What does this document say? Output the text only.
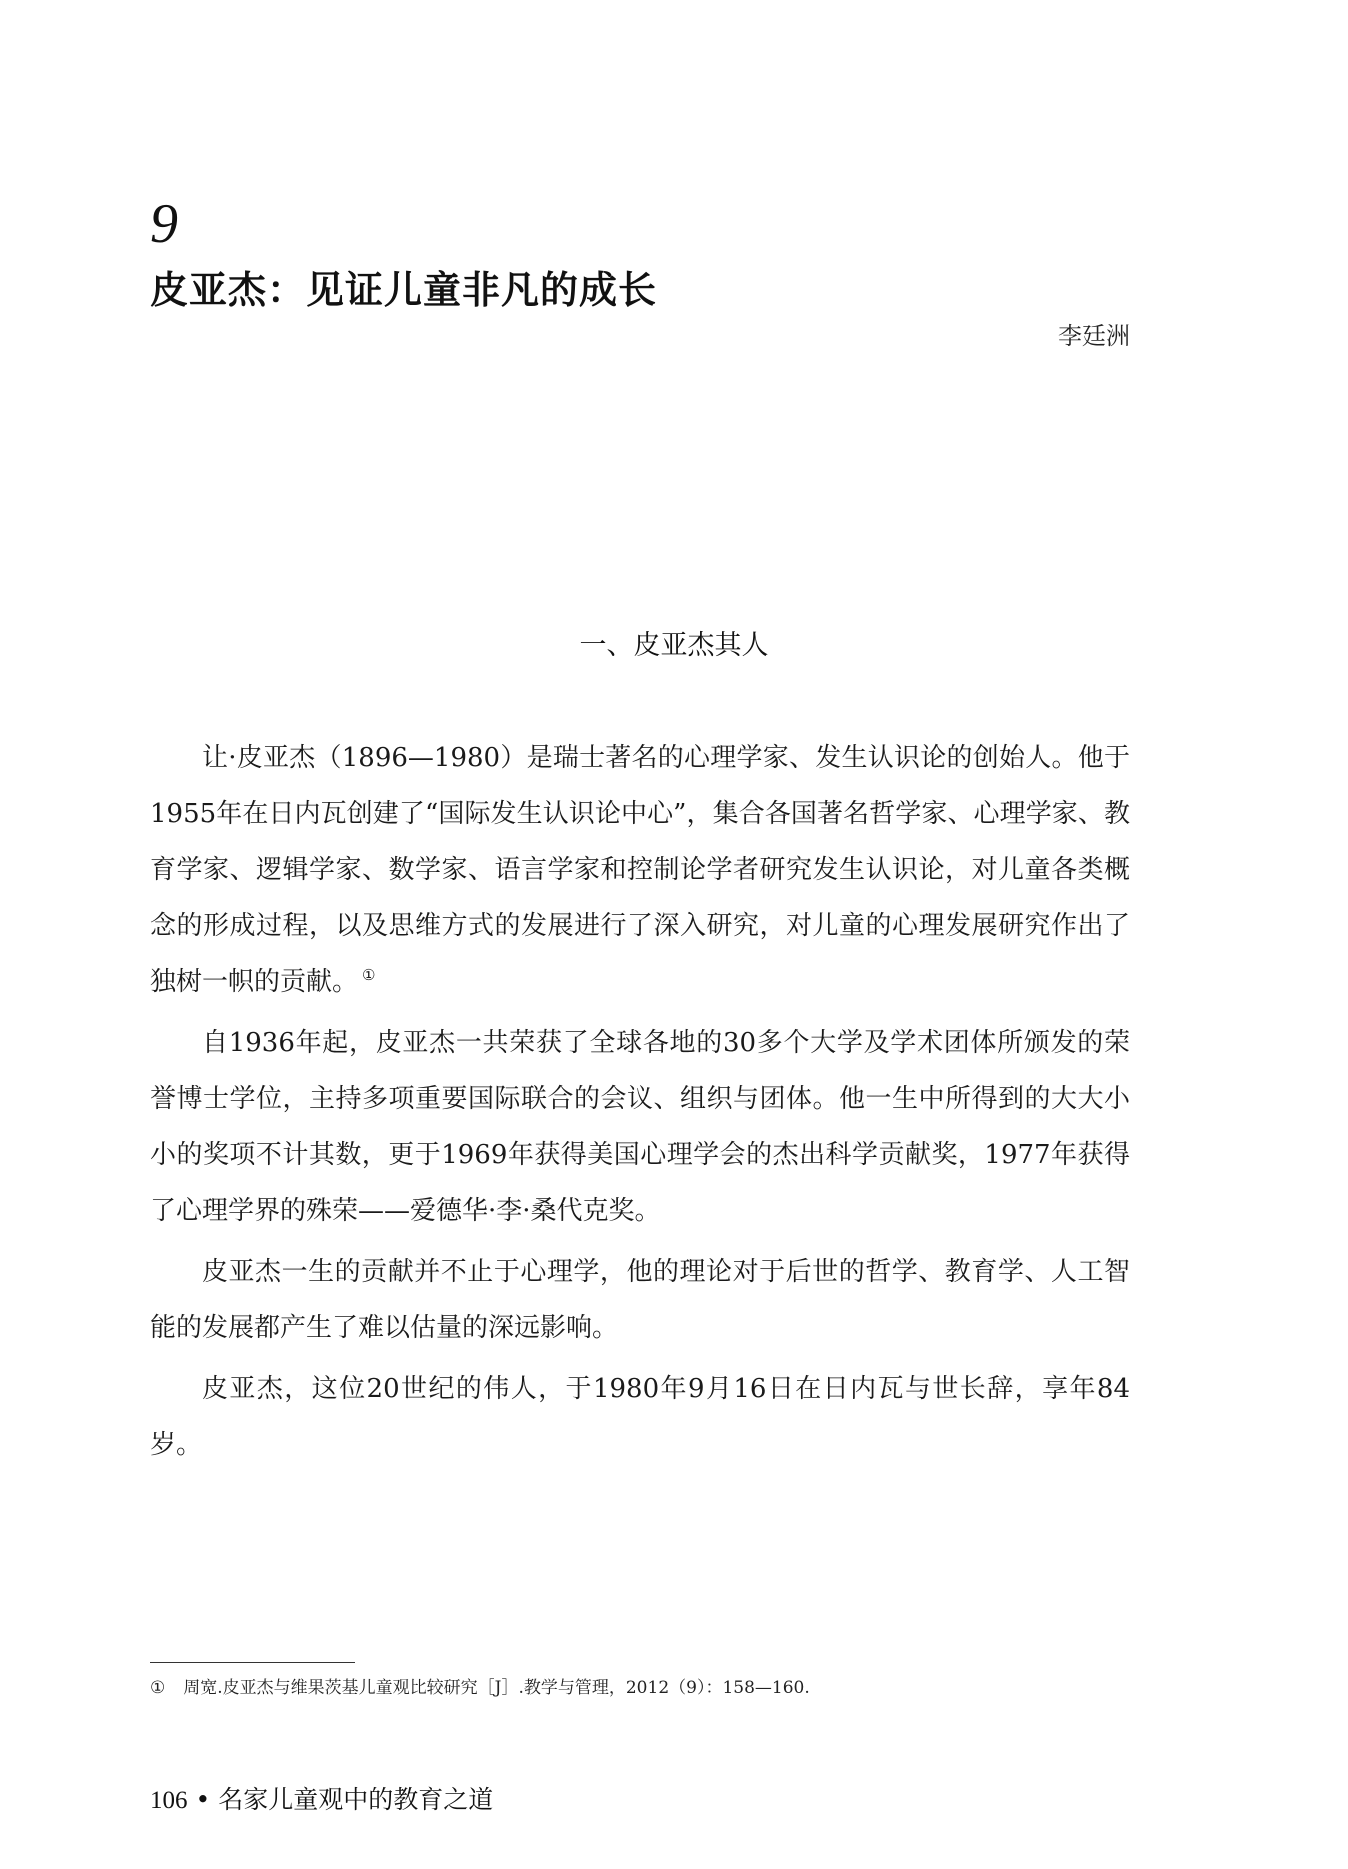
9
皮亚杰：见证儿童非凡的成长
李廷洲
一、皮亚杰其人

让·皮亚杰（1896—1980）是瑞士著名的心理学家、发生认识论的创始人。他于1955年在日内瓦创建了“国际发生认识论中心”，集合各国著名哲学家、心理学家、教育学家、逻辑学家、数学家、语言学家和控制论学者研究发生认识论，对儿童各类概念的形成过程，以及思维方式的发展进行了深入研究，对儿童的心理发展研究作出了独树一帜的贡献。 ①

自1936年起，皮亚杰一共荣获了全球各地的30多个大学及学术团体所颁发的荣誉博士学位，主持多项重要国际联合的会议、组织与团体。他一生中所得到的大大小小的奖项不计其数，更于1969年获得美国心理学会的杰出科学贡献奖，1977年获得了心理学界的殊荣——爱德华·李·桑代克奖。

皮亚杰一生的贡献并不止于心理学，他的理论对于后世的哲学、教育学、人工智能的发展都产生了难以估量的深远影响。

皮亚杰，这位20世纪的伟人，于1980年9月16日在日内瓦与世长辞，享年84岁。

① 周宽.皮亚杰与维果茨基儿童观比较研究［J］.教学与管理，2012（9）：158—160.
106 • 名家儿童观中的教育之道
